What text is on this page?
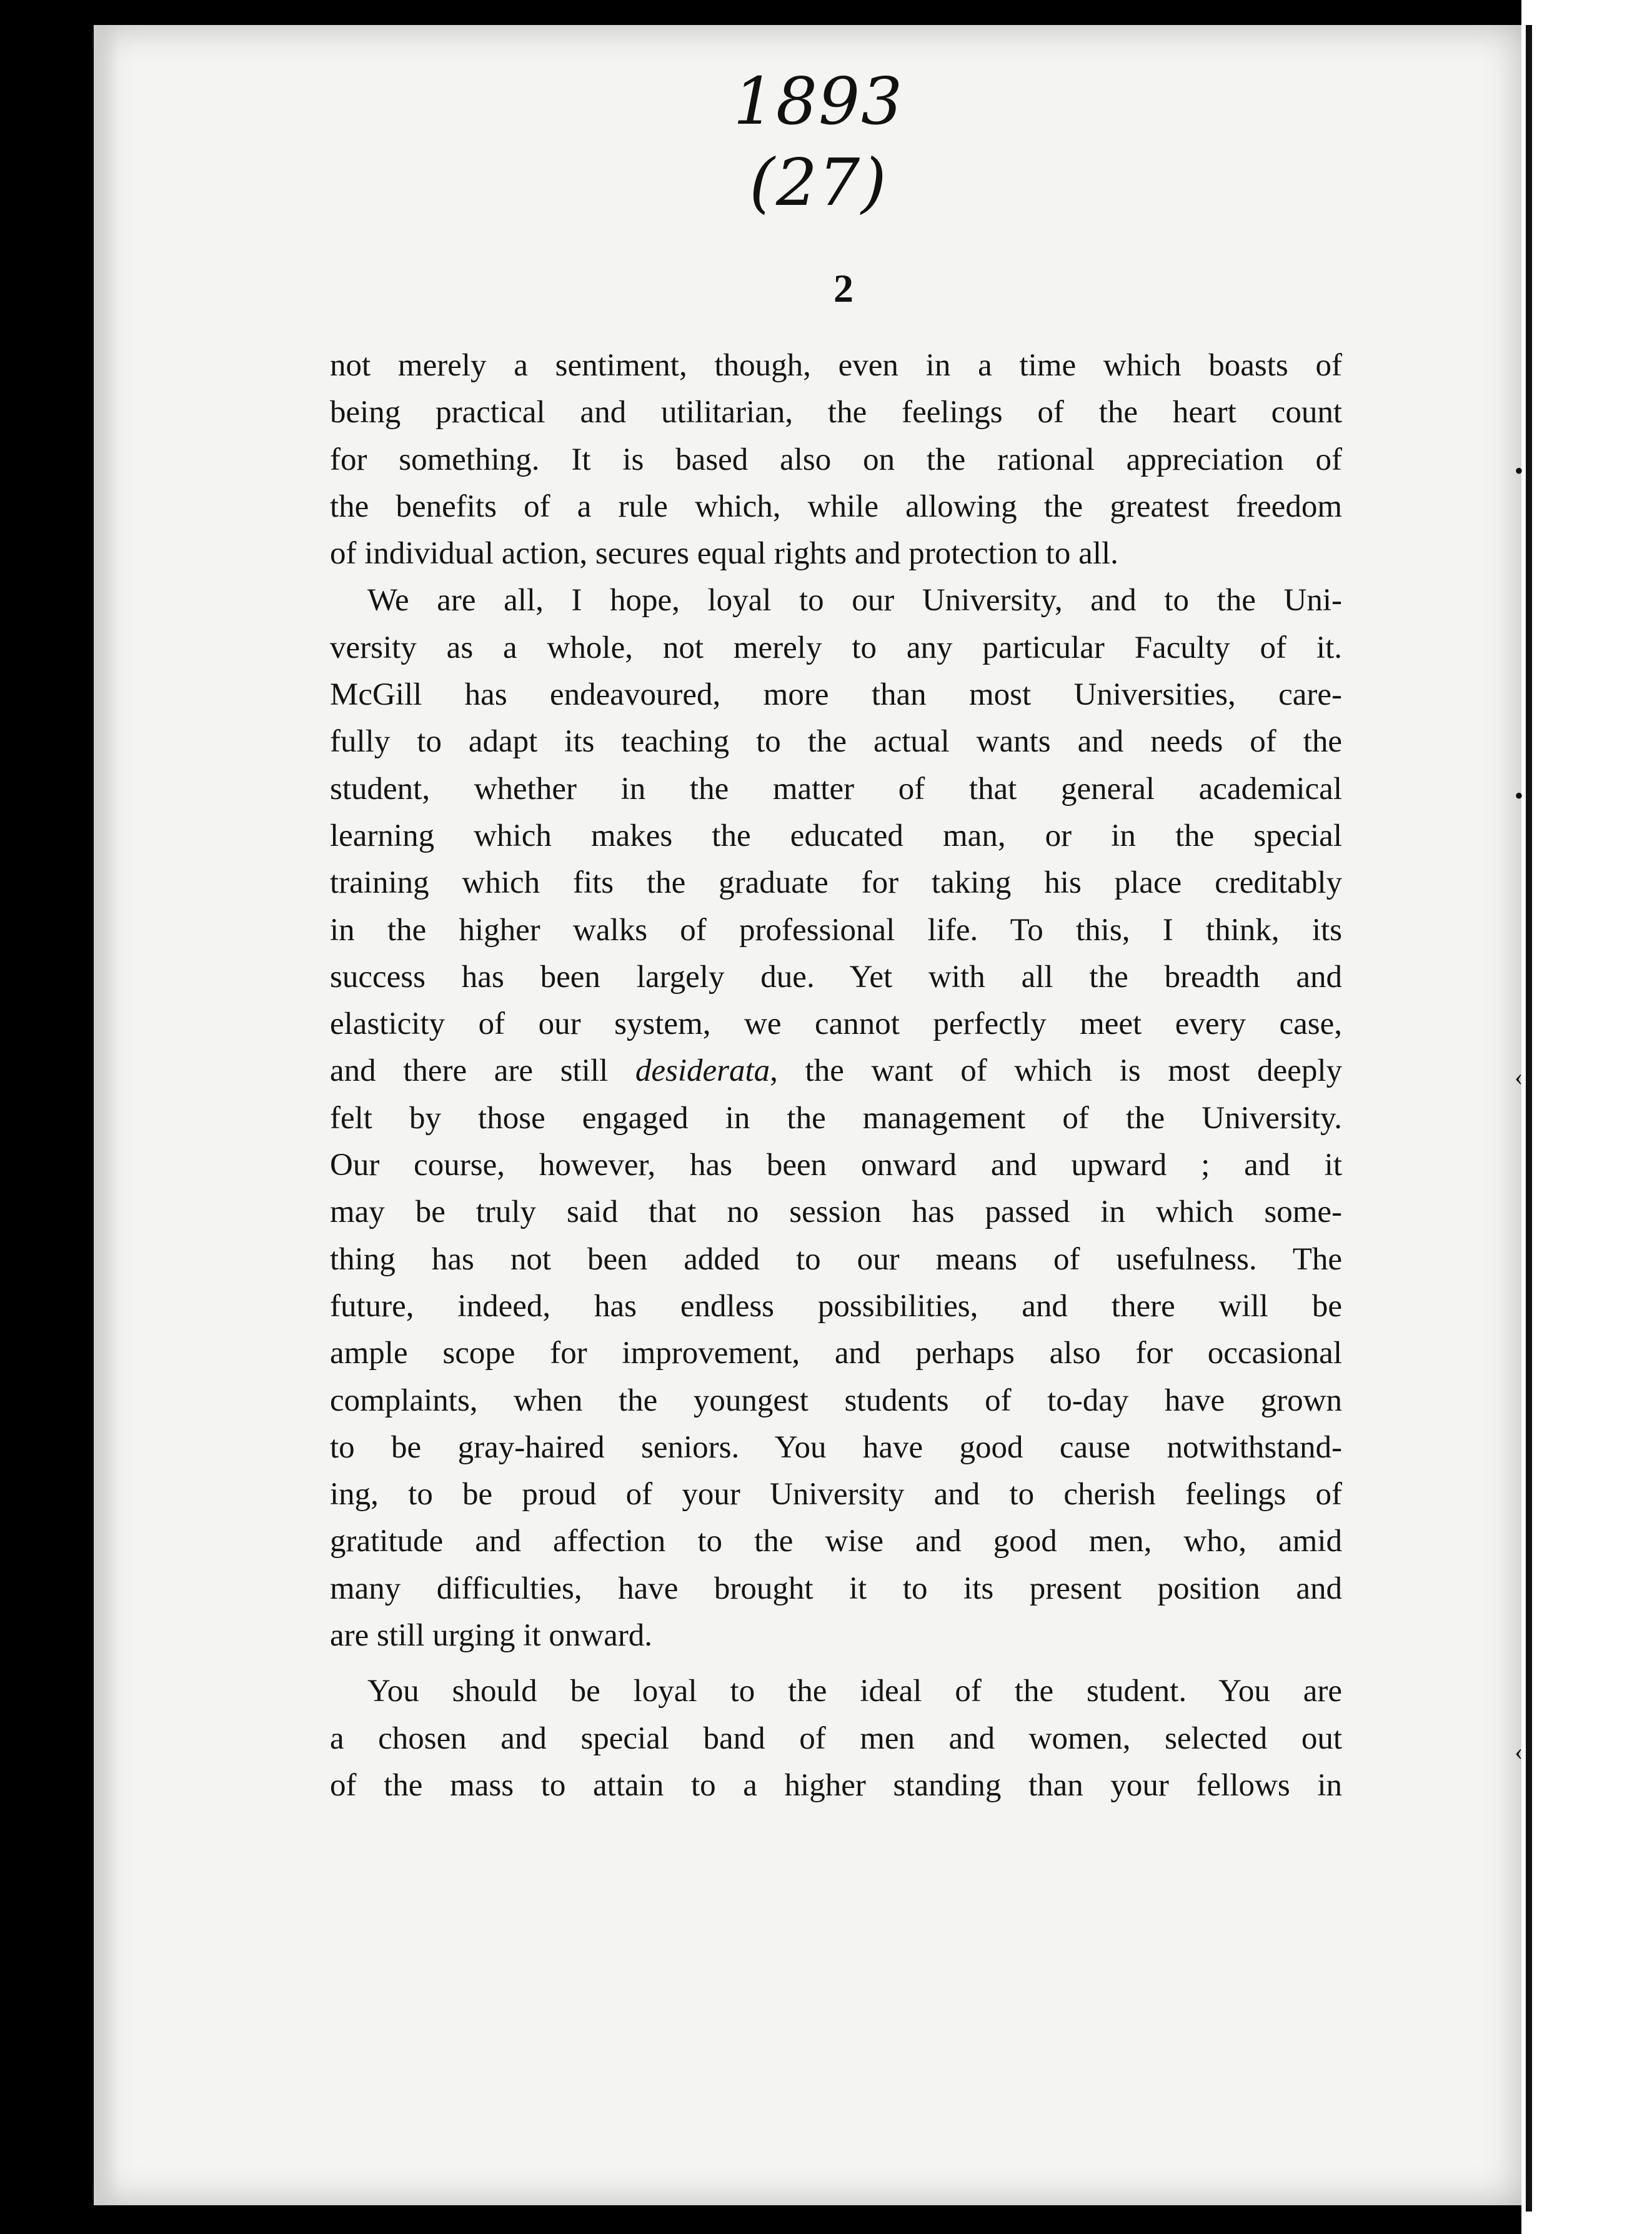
•
•
‹
‹
1893
(27)
2
not merely a sentiment, though, even in a time which boasts of
being practical and utilitarian, the feelings of the heart count
for something. It is based also on the rational appreciation of
the benefits of a rule which, while allowing the greatest freedom
of individual action, secures equal rights and protection to all.
We are all, I hope, loyal to our University, and to the Uni-
versity as a whole, not merely to any particular Faculty of it.
McGill has endeavoured, more than most Universities, care-
fully to adapt its teaching to the actual wants and needs of the
student, whether in the matter of that general academical
learning which makes the educated man, or in the special
training which fits the graduate for taking his place creditably
in the higher walks of professional life. To this, I think, its
success has been largely due. Yet with all the breadth and
elasticity of our system, we cannot perfectly meet every case,
and there are still desiderata, the want of which is most deeply
felt by those engaged in the management of the University.
Our course, however, has been onward and upward ; and it
may be truly said that no session has passed in which some-
thing has not been added to our means of usefulness. The
future, indeed, has endless possibilities, and there will be
ample scope for improvement, and perhaps also for occasional
complaints, when the youngest students of to-day have grown
to be gray-haired seniors. You have good cause notwithstand-
ing, to be proud of your University and to cherish feelings of
gratitude and affection to the wise and good men, who, amid
many difficulties, have brought it to its present position and
are still urging it onward.
You should be loyal to the ideal of the student. You are
a chosen and special band of men and women, selected out
of the mass to attain to a higher standing than your fellows in
